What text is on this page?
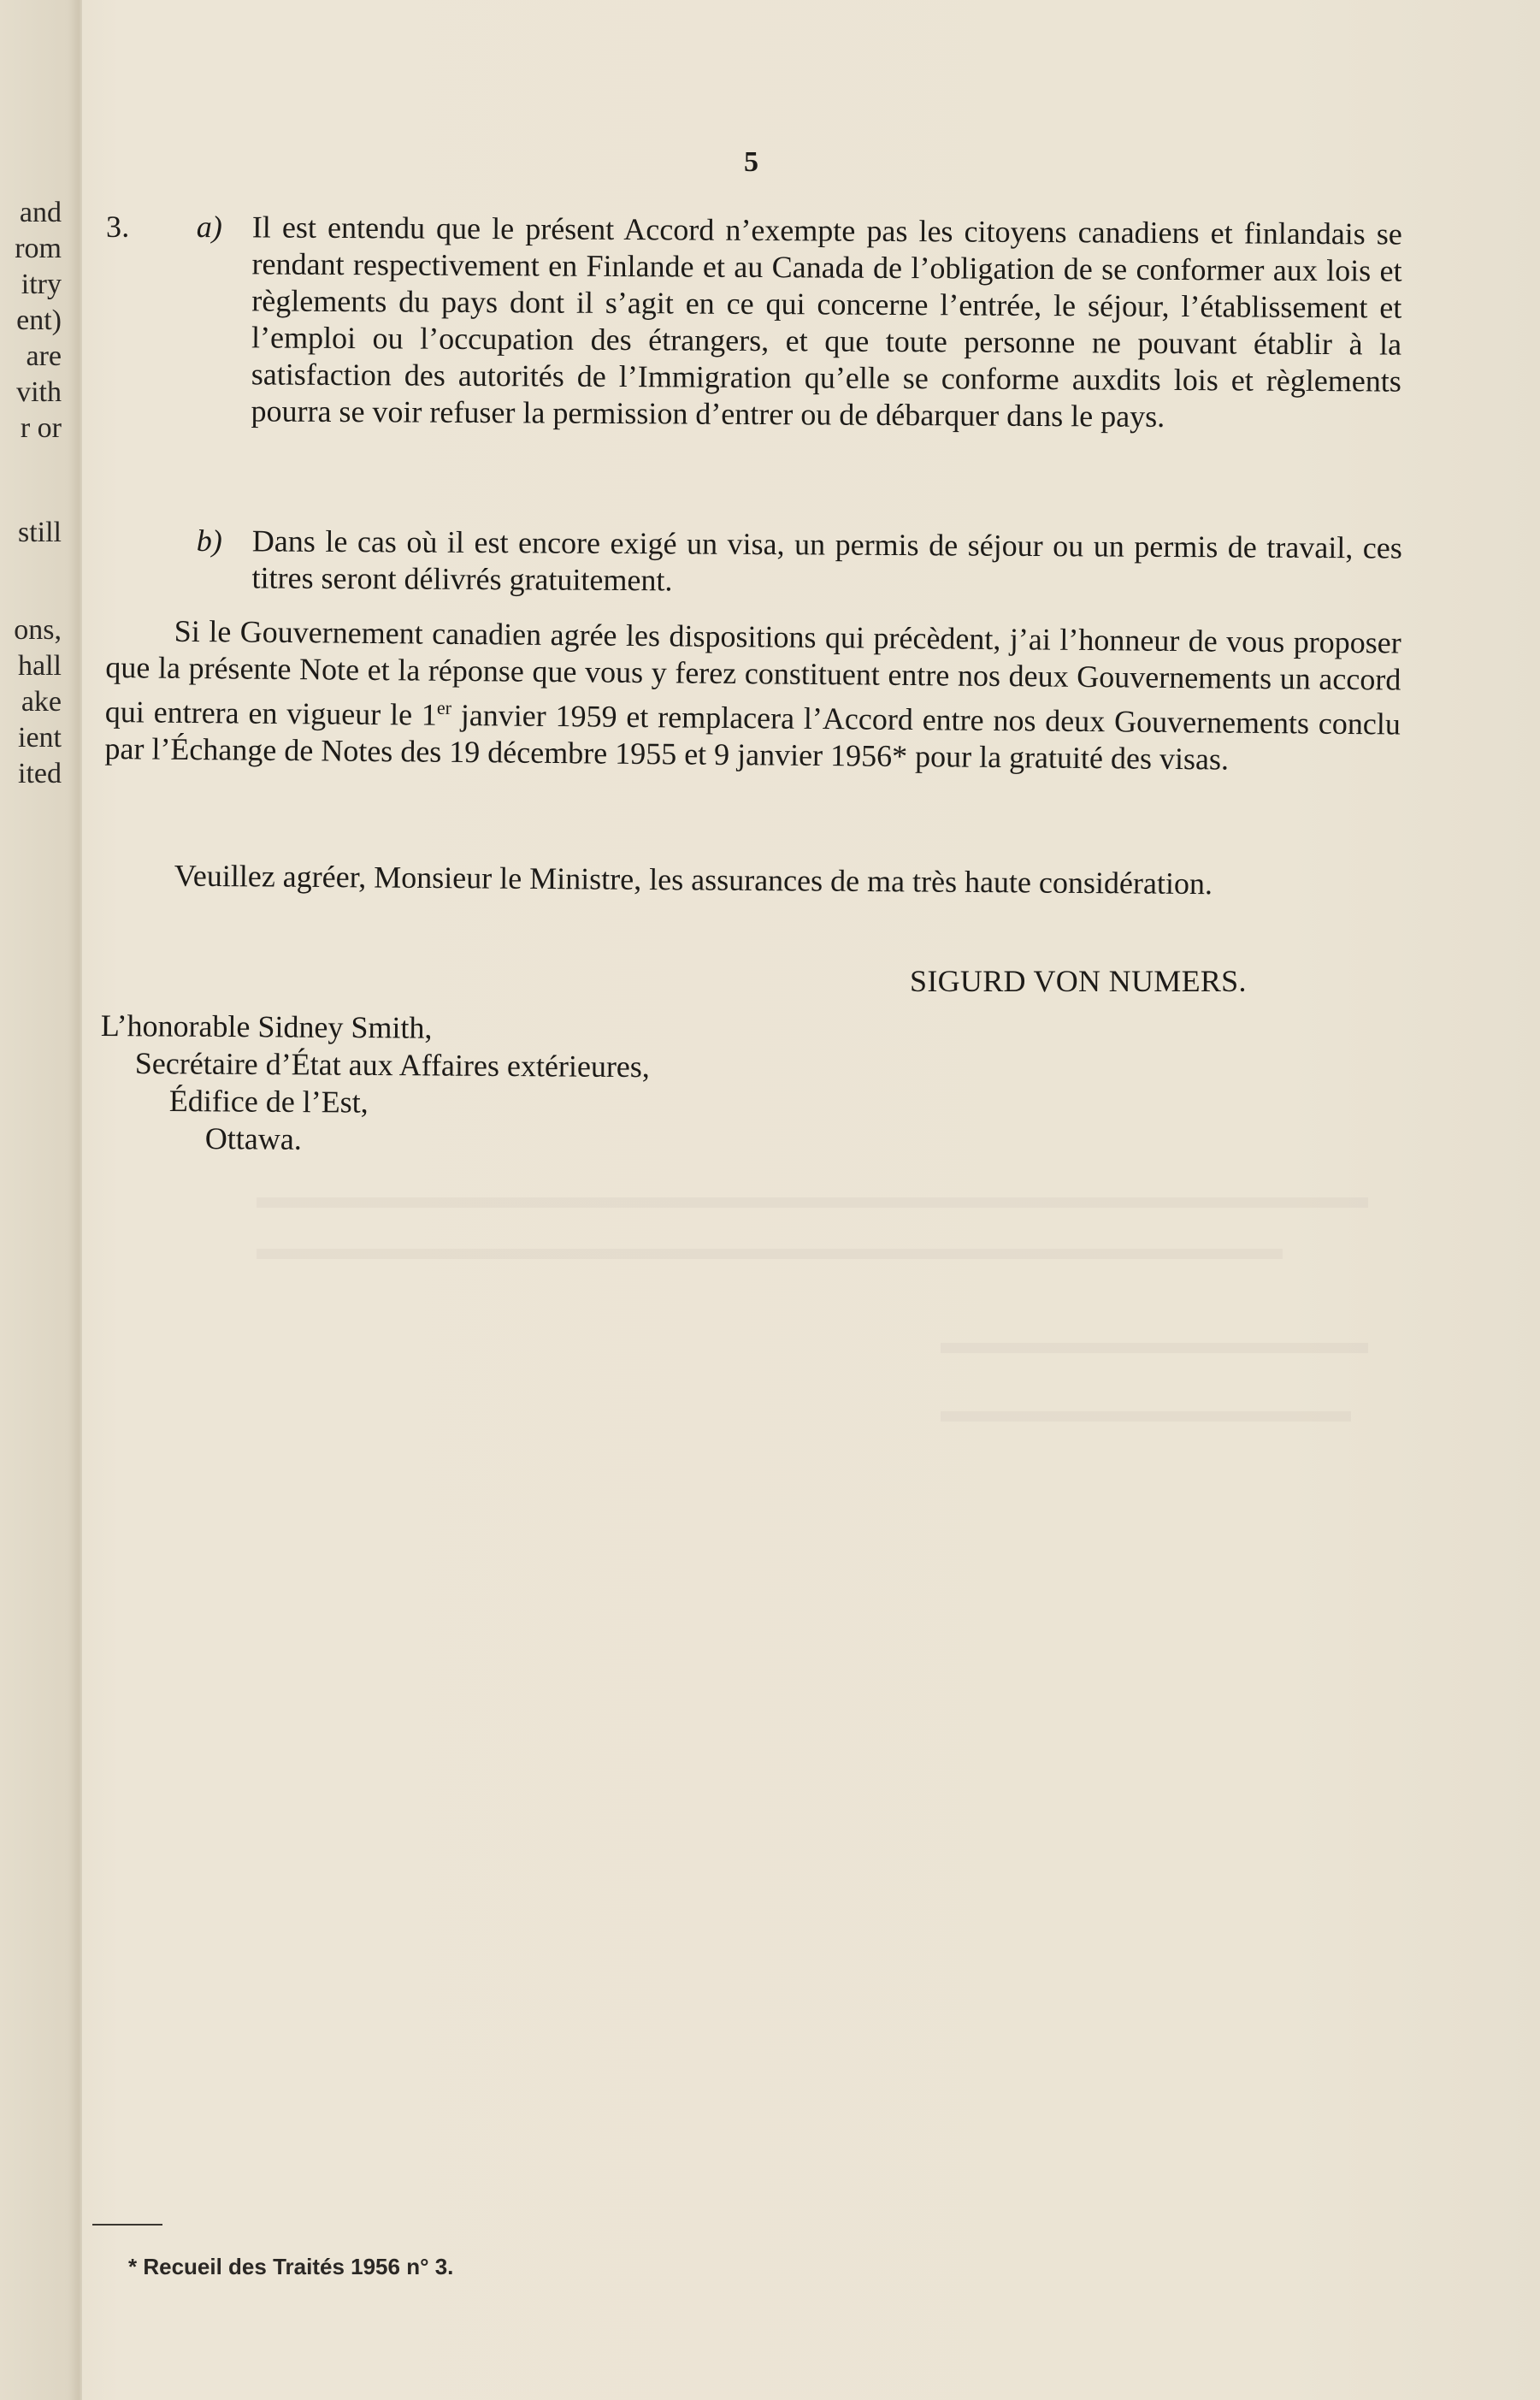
and
rom
itry
ent)
are
vith
r or
still
ons,
hall
ake
ient
ited
5
3. a) Il est entendu que le présent Accord n’exempte pas les citoyens canadiens et finlandais se rendant respectivement en Finlande et au Canada de l’obligation de se conformer aux lois et règlements du pays dont il s’agit en ce qui concerne l’entrée, le séjour, l’établissement et l’emploi ou l’occupation des étrangers, et que toute personne ne pouvant établir à la satisfaction des autorités de l’Immigration qu’elle se conforme auxdits lois et règlements pourra se voir refuser la permission d’entrer ou de débarquer dans le pays.
b) Dans le cas où il est encore exigé un visa, un permis de séjour ou un permis de travail, ces titres seront délivrés gratuitement.
Si le Gouvernement canadien agrée les dispositions qui précèdent, j’ai l’honneur de vous proposer que la présente Note et la réponse que vous y ferez constituent entre nos deux Gouvernements un accord qui entrera en vigueur le 1er janvier 1959 et remplacera l’Accord entre nos deux Gouvernements conclu par l’Échange de Notes des 19 décembre 1955 et 9 janvier 1956* pour la gratuité des visas.
Veuillez agréer, Monsieur le Ministre, les assurances de ma très haute considération.
SIGURD VON NUMERS.
L’honorable Sidney Smith,
Secrétaire d’État aux Affaires extérieures,
Édifice de l’Est,
Ottawa.
* Recueil des Traités 1956 n° 3.
